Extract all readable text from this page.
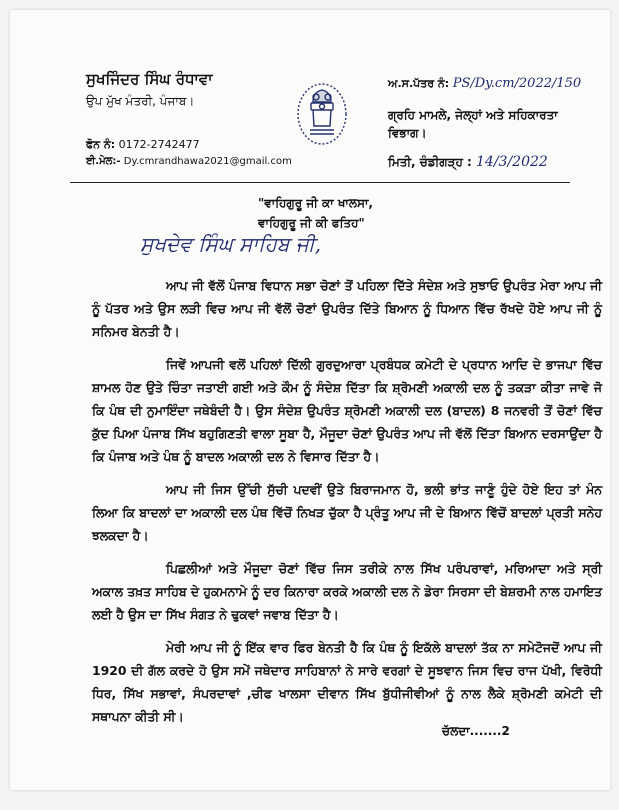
ਸੁਖਜਿੰਦਰ ਸਿੰਘ ਰੰਧਾਵਾ
ਉਪ ਮੁੱਖ ਮੰਤਰੀ, ਪੰਜਾਬ।
ਫੋਨ ਨੰ: 0172-2742477
ਈ.ਮੇਲ:- Dy.cmrandhawa2021@gmail.com
ਅ.ਸ.ਪੱਤਰ ਨੰ: PS/Dy.cm/2022/150
ਗ੍ਰਹਿ ਮਾਮਲੇ, ਜੇਲ੍ਹਾਂ ਅਤੇ ਸਹਿਕਾਰਤਾ ਵਿਭਾਗ।
ਮਿਤੀ, ਚੰਡੀਗੜ੍ਹ : 14/3/2022
"ਵਾਹਿਗੁਰੂ ਜੀ ਕਾ ਖਾਲਸਾ,
ਵਾਹਿਗੁਰੂ ਜੀ ਕੀ ਫਤਿਹ"
ਸੁਖਦੇਵ ਸਿੰਘ ਸਾਹਿਬ ਜੀ,

ਆਪ ਜੀ ਵੱਲੋਂ ਪੰਜਾਬ ਵਿਧਾਨ ਸਭਾ ਚੋਣਾਂ ਤੋਂ ਪਹਿਲਾ ਦਿੱਤੇ ਸੰਦੇਸ਼ ਅਤੇ ਸੁਝਾਓ ਉਪਰੰਤ ਮੇਰਾ ਆਪ ਜੀ ਨੂੰ ਪੱਤਰ ਅਤੇ ਉਸ ਲੜੀ ਵਿਚ ਆਪ ਜੀ ਵੱਲੋਂ ਚੋਣਾਂ ਉਪਰੰਤ ਦਿੱਤੇ ਬਿਆਨ ਨੂੰ ਧਿਆਨ ਵਿੱਚ ਰੱਖਦੇ ਹੋਏ ਆਪ ਜੀ ਨੂੰ ਸਨਿਮਰ ਬੇਨਤੀ ਹੈ।

ਜਿਵੇਂ ਆਪਜੀ ਵਲੋਂ ਪਹਿਲਾਂ ਦਿੱਲੀ ਗੁਰਦੁਆਰਾ ਪ੍ਰਬੰਧਕ ਕਮੇਟੀ ਦੇ ਪ੍ਰਧਾਨ ਆਦਿ ਦੇ ਭਾਜਪਾ ਵਿੱਚ ਸ਼ਾਮਲ ਹੋਣ ਉਤੇ ਚਿੰਤਾ ਜਤਾਈ ਗਈ ਅਤੇ ਕੌਮ ਨੂੰ ਸੰਦੇਸ਼ ਦਿੱਤਾ ਕਿ ਸ਼੍ਰੋਮਣੀ ਅਕਾਲੀ ਦਲ ਨੂੰ ਤਕੜਾ ਕੀਤਾ ਜਾਵੇ ਜੋ ਕਿ ਪੰਥ ਦੀ ਨੁਮਾਇੰਦਾ ਜਥੇਬੰਦੀ ਹੈ। ਉਸ ਸੰਦੇਸ਼ ਉਪਰੰਤ ਸ਼੍ਰੋਮਣੀ ਅਕਾਲੀ ਦਲ (ਬਾਦਲ) 8 ਜਨਵਰੀ ਤੋਂ ਚੋਣਾਂ ਵਿੱਚ ਕੁੱਦ ਪਿਆ ਪੰਜਾਬ ਸਿੱਖ ਬਹੁਗਿਣਤੀ ਵਾਲਾ ਸੂਬਾ ਹੈ, ਮੌਜੂਦਾ ਚੋਣਾਂ ਉਪਰੰਤ ਆਪ ਜੀ ਵੱਲੋਂ ਦਿੱਤਾ ਬਿਆਨ ਦਰਸਾਉਂਦਾ ਹੈ ਕਿ ਪੰਜਾਬ ਅਤੇ ਪੰਥ ਨੂੰ ਬਾਦਲ ਅਕਾਲੀ ਦਲ ਨੇ ਵਿਸਾਰ ਦਿੱਤਾ ਹੈ।

ਆਪ ਜੀ ਜਿਸ ਉੱਚੀ ਸੁੱਚੀ ਪਦਵੀਂ ਉਤੇ ਬਿਰਾਜਮਾਨ ਹੋ, ਭਲੀ ਭਾਂਤ ਜਾਣੂੰ ਹੁੰਦੇ ਹੋਏ ਇਹ ਤਾਂ ਮੰਨ ਲਿਆ ਕਿ ਬਾਦਲਾਂ ਦਾ ਅਕਾਲੀ ਦਲ ਪੰਥ ਵਿੱਚੋਂ ਨਿਖੜ ਚੁੱਕਾ ਹੈ ਪ੍ਰੰਤੂ ਆਪ ਜੀ ਦੇ ਬਿਆਨ ਵਿੱਚੋਂ ਬਾਦਲਾਂ ਪ੍ਰਤੀ ਸਨੇਹ ਝਲਕਦਾ ਹੈ।

ਪਿਛਲੀਆਂ ਅਤੇ ਮੌਜੂਦਾ ਚੋਣਾਂ ਵਿੱਚ ਜਿਸ ਤਰੀਕੇ ਨਾਲ ਸਿੱਖ ਪਰੰਪਰਾਵਾਂ, ਮਰਿਆਦਾ ਅਤੇ ਸ੍ਰੀ ਅਕਾਲ ਤਖ਼ਤ ਸਾਹਿਬ ਦੇ ਹੁਕਮਨਾਮੇ ਨੂੰ ਦਰ ਕਿਨਾਰਾ ਕਰਕੇ ਅਕਾਲੀ ਦਲ ਨੇ ਡੇਰਾ ਸਿਰਸਾ ਦੀ ਬੇਸ਼ਰਮੀ ਨਾਲ ਹਮਾਇਤ ਲਈ ਹੈ ਉਸ ਦਾ ਸਿੱਖ ਸੰਗਤ ਨੇ ਢੁਕਵਾਂ ਜਵਾਬ ਦਿੱਤਾ ਹੈ।

ਮੇਰੀ ਆਪ ਜੀ ਨੂੰ ਇੱਕ ਵਾਰ ਫਿਰ ਬੇਨਤੀ ਹੈ ਕਿ ਪੰਥ ਨੂੰ ਇਕੱਲੇ ਬਾਦਲਾਂ ਤੱਕ ਨਾ ਸਮੇਟੋਜਦੋਂ ਆਪ ਜੀ 1920 ਦੀ ਗੱਲ ਕਰਦੇ ਹੋ ਉਸ ਸਮੇਂ ਜਥੇਦਾਰ ਸਾਹਿਬਾਨਾਂ ਨੇ ਸਾਰੇ ਵਰਗਾਂ ਦੇ ਸੂਝਵਾਨ ਜਿਸ ਵਿਚ ਰਾਜ ਪੱਖੀ, ਵਿਰੋਧੀ ਧਿਰ, ਸਿੱਖ ਸਭਾਵਾਂ, ਸੰਪਰਦਾਵਾਂ ,ਚੀਫ ਖਾਲਸਾ ਦੀਵਾਨ ਸਿੱਖ ਬੁੱਧੀਜੀਵੀਆਂ ਨੂੰ ਨਾਲ ਲੈਕੇ ਸ਼੍ਰੋਮਣੀ ਕਮੇਟੀ ਦੀ ਸਥਾਪਨਾ ਕੀਤੀ ਸੀ।

ਚੱਲਦਾ.......2
